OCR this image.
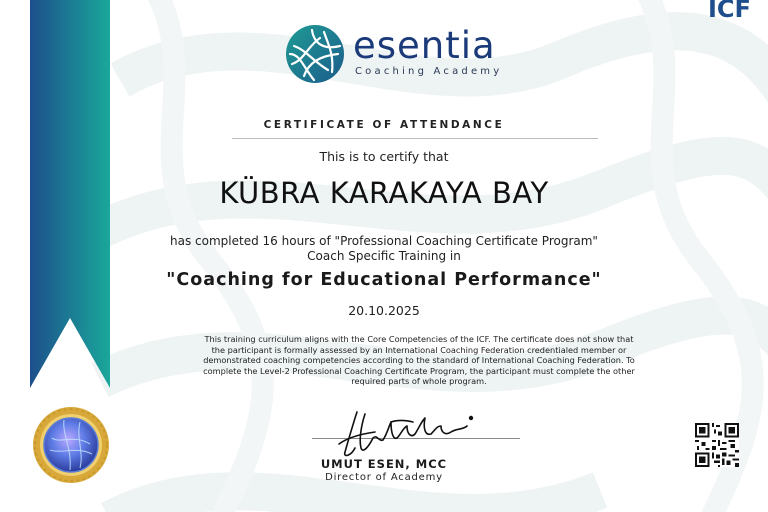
ICF
esentia
Coaching Academy
CERTIFICATE OF ATTENDANCE
This is to certify that
KÜBRA KARAKAYA BAY
has completed 16 hours of "Professional Coaching Certificate Program"
Coach Specific Training in
"Coaching for Educational Performance"
20.10.2025
This training curriculum aligns with the Core Competencies of the ICF. The certificate does not show that
the participant is formally assessed by an International Coaching Federation credentialed member or
demonstrated coaching competencies according to the standard of International Coaching Federation. To
complete the Level-2 Professional Coaching Certificate Program, the participant must complete the other
required parts of whole program.
UMUT ESEN, MCC
Director of Academy
